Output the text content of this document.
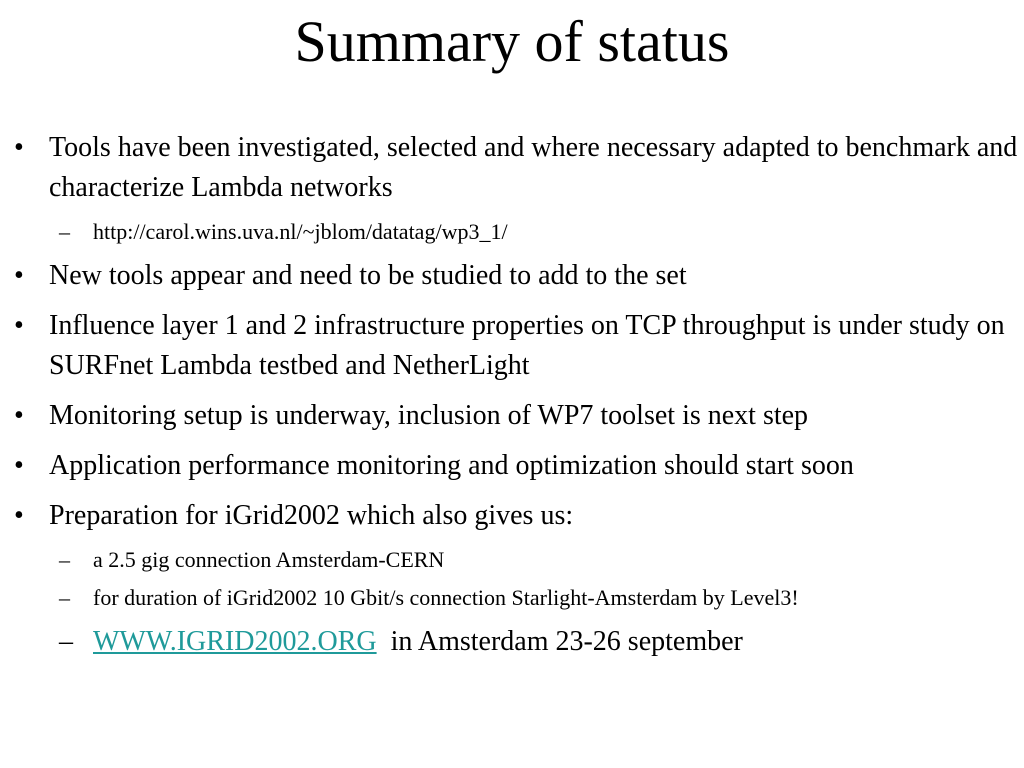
Summary of status
• Tools have been investigated, selected and where necessary adapted to benchmark and characterize Lambda networks
–	http://carol.wins.uva.nl/~jblom/datatag/wp3_1/
• New tools appear and need to be studied to add to the set
• Influence layer 1 and 2 infrastructure properties on TCP throughput is under study on SURFnet Lambda testbed and NetherLight
• Monitoring setup is underway, inclusion of WP7 toolset is next step
• Application performance monitoring and optimization should start soon
• Preparation for iGrid2002 which also gives us:
–	a 2.5 gig connection Amsterdam-CERN
–	for duration of iGrid2002 10 Gbit/s connection Starlight-Amsterdam by Level3!
– WWW.IGRID2002.ORG in Amsterdam 23-26 september
